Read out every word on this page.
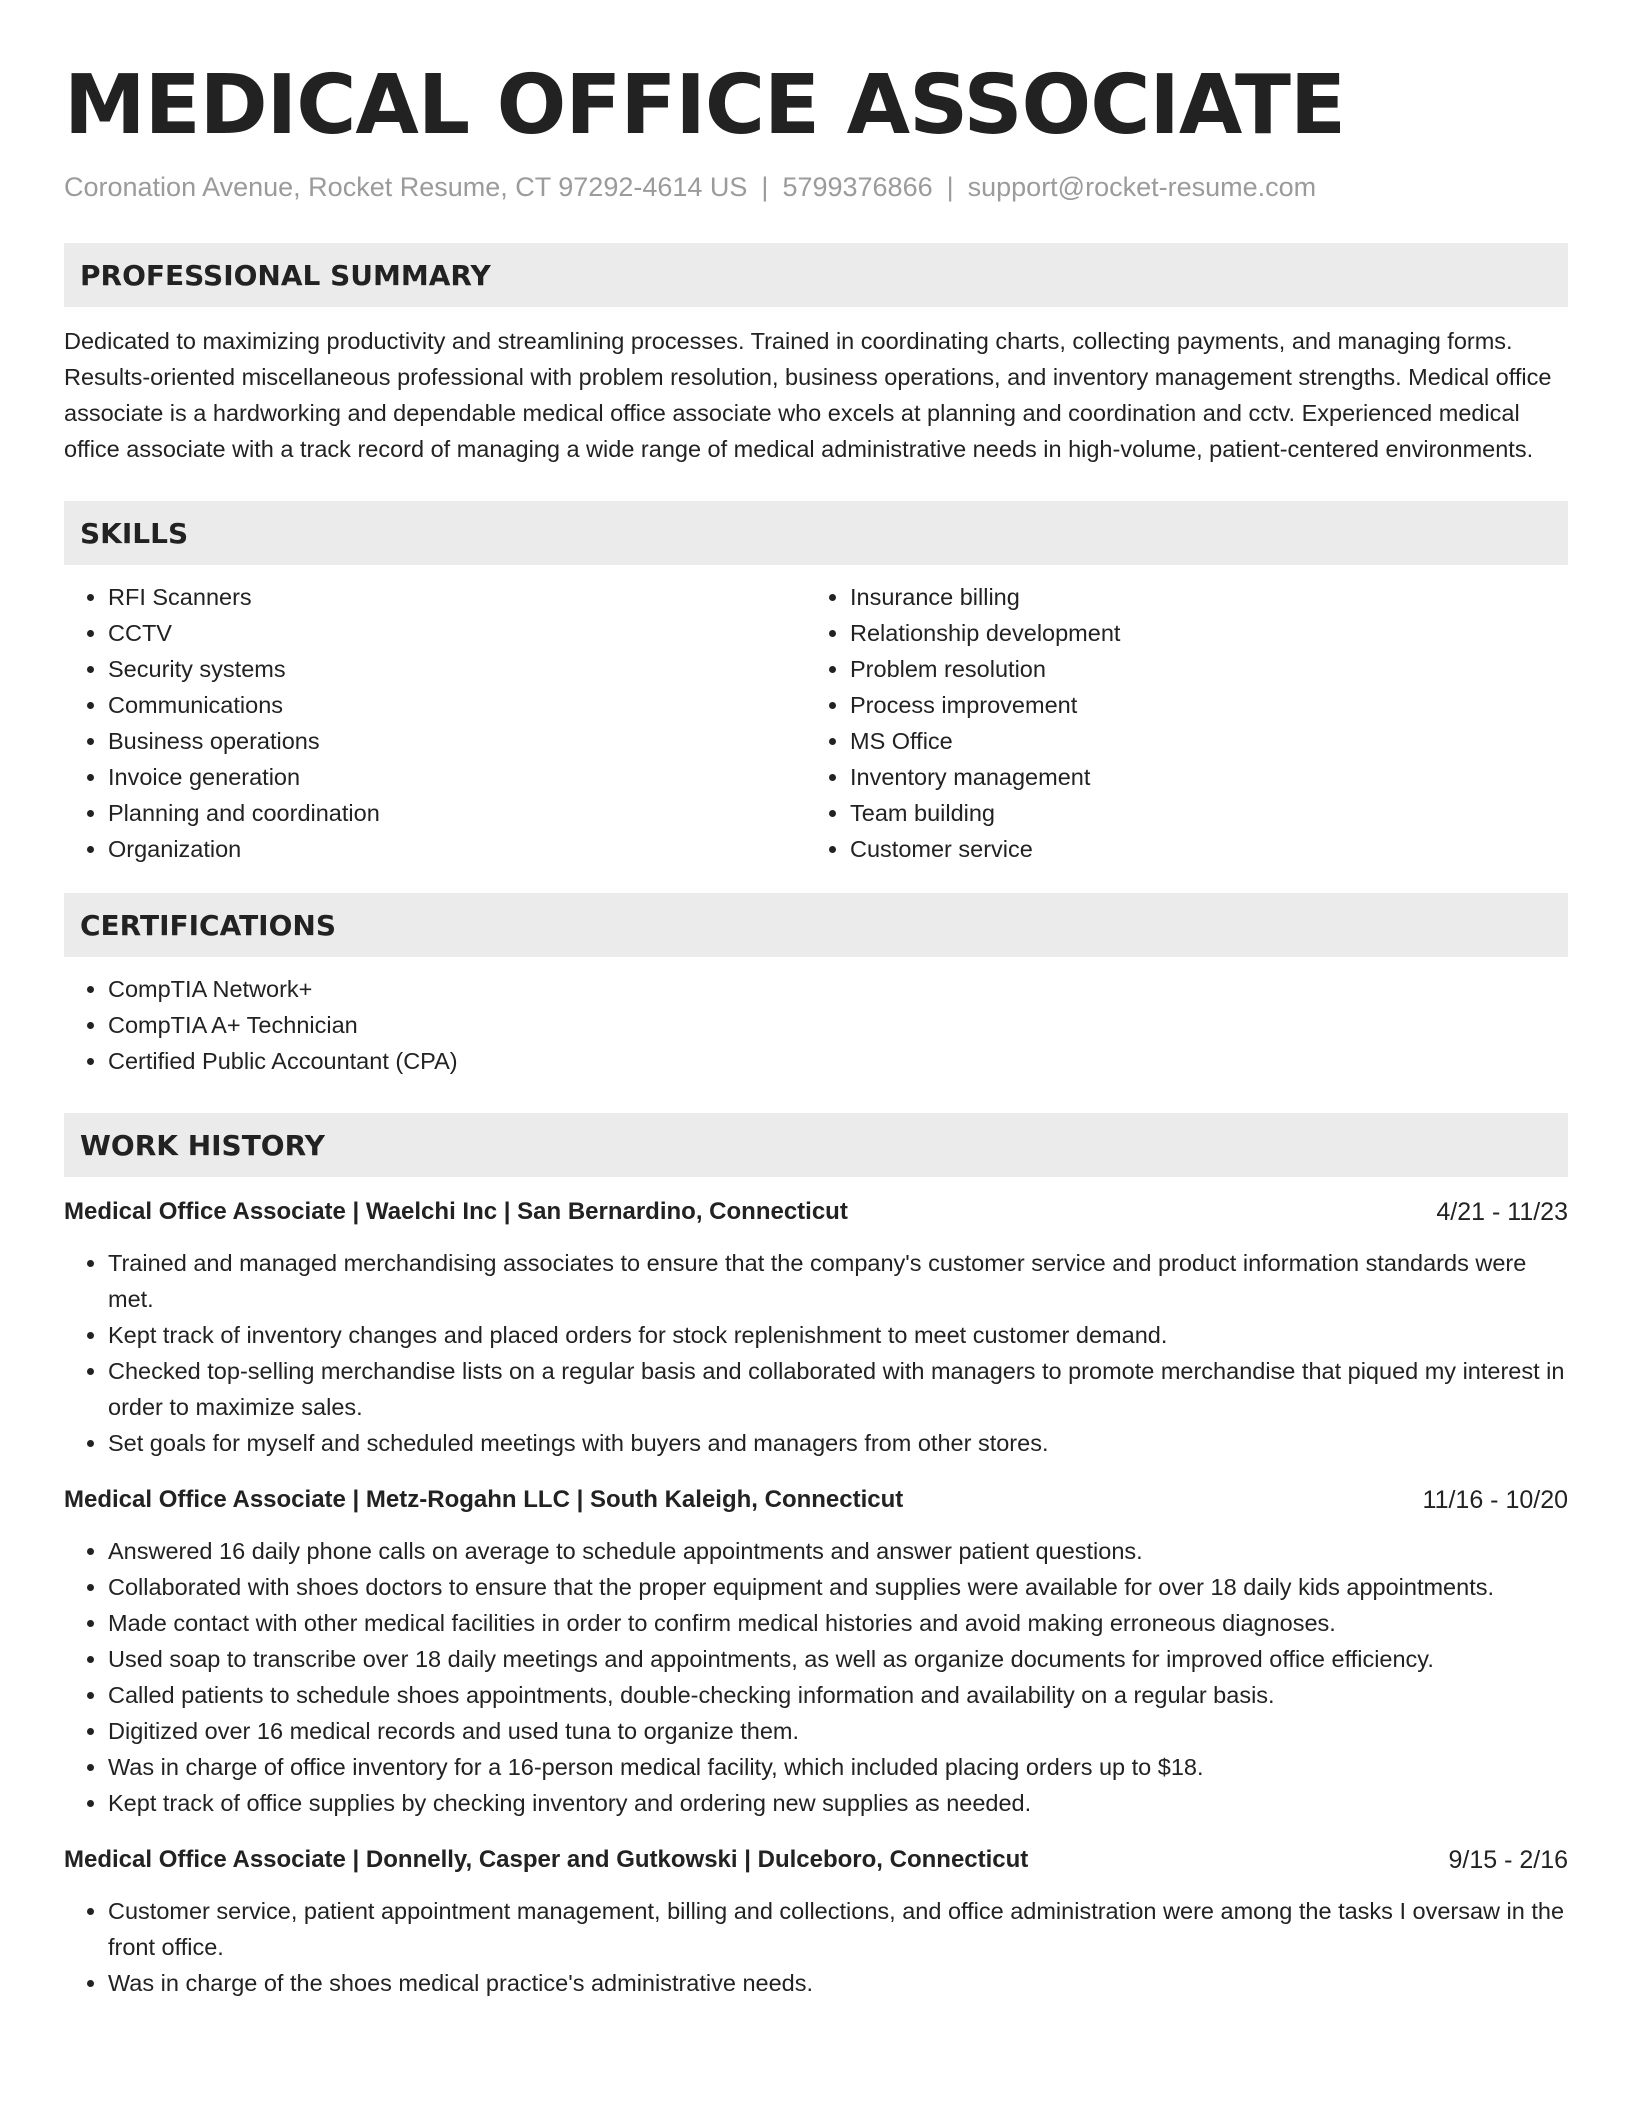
MEDICAL OFFICE ASSOCIATE
Coronation Avenue, Rocket Resume, CT 97292-4614 US | 5799376866 | support@rocket-resume.com
PROFESSIONAL SUMMARY

Dedicated to maximizing productivity and streamlining processes. Trained in coordinating charts, collecting payments, and managing forms. Results-oriented miscellaneous professional with problem resolution, business operations, and inventory management strengths. Medical office associate is a hardworking and dependable medical office associate who excels at planning and coordination and cctv. Experienced medical office associate with a track record of managing a wide range of medical administrative needs in high-volume, patient-centered environments.

SKILLS
• RFI Scanners
• CCTV
• Security systems
• Communications
• Business operations
• Invoice generation
• Planning and coordination
• Organization
• Insurance billing
• Relationship development
• Problem resolution
• Process improvement
• MS Office
• Inventory management
• Team building
• Customer service
CERTIFICATIONS
• CompTIA Network+
• CompTIA A+ Technician
• Certified Public Accountant (CPA)
WORK HISTORY
Medical Office Associate | Waelchi Inc | San Bernardino, Connecticut	4/21 - 11/23
• Trained and managed merchandising associates to ensure that the company's customer service and product information standards were met.
• Kept track of inventory changes and placed orders for stock replenishment to meet customer demand.
• Checked top-selling merchandise lists on a regular basis and collaborated with managers to promote merchandise that piqued my interest in order to maximize sales.
• Set goals for myself and scheduled meetings with buyers and managers from other stores.
Medical Office Associate | Metz-Rogahn LLC | South Kaleigh, Connecticut	11/16 - 10/20
• Answered 16 daily phone calls on average to schedule appointments and answer patient questions.
• Collaborated with shoes doctors to ensure that the proper equipment and supplies were available for over 18 daily kids appointments.
• Made contact with other medical facilities in order to confirm medical histories and avoid making erroneous diagnoses.
• Used soap to transcribe over 18 daily meetings and appointments, as well as organize documents for improved office efficiency.
• Called patients to schedule shoes appointments, double-checking information and availability on a regular basis.
• Digitized over 16 medical records and used tuna to organize them.
• Was in charge of office inventory for a 16-person medical facility, which included placing orders up to $18.
• Kept track of office supplies by checking inventory and ordering new supplies as needed.
Medical Office Associate | Donnelly, Casper and Gutkowski | Dulceboro, Connecticut	9/15 - 2/16
• Customer service, patient appointment management, billing and collections, and office administration were among the tasks I oversaw in the front office.
• Was in charge of the shoes medical practice's administrative needs.
